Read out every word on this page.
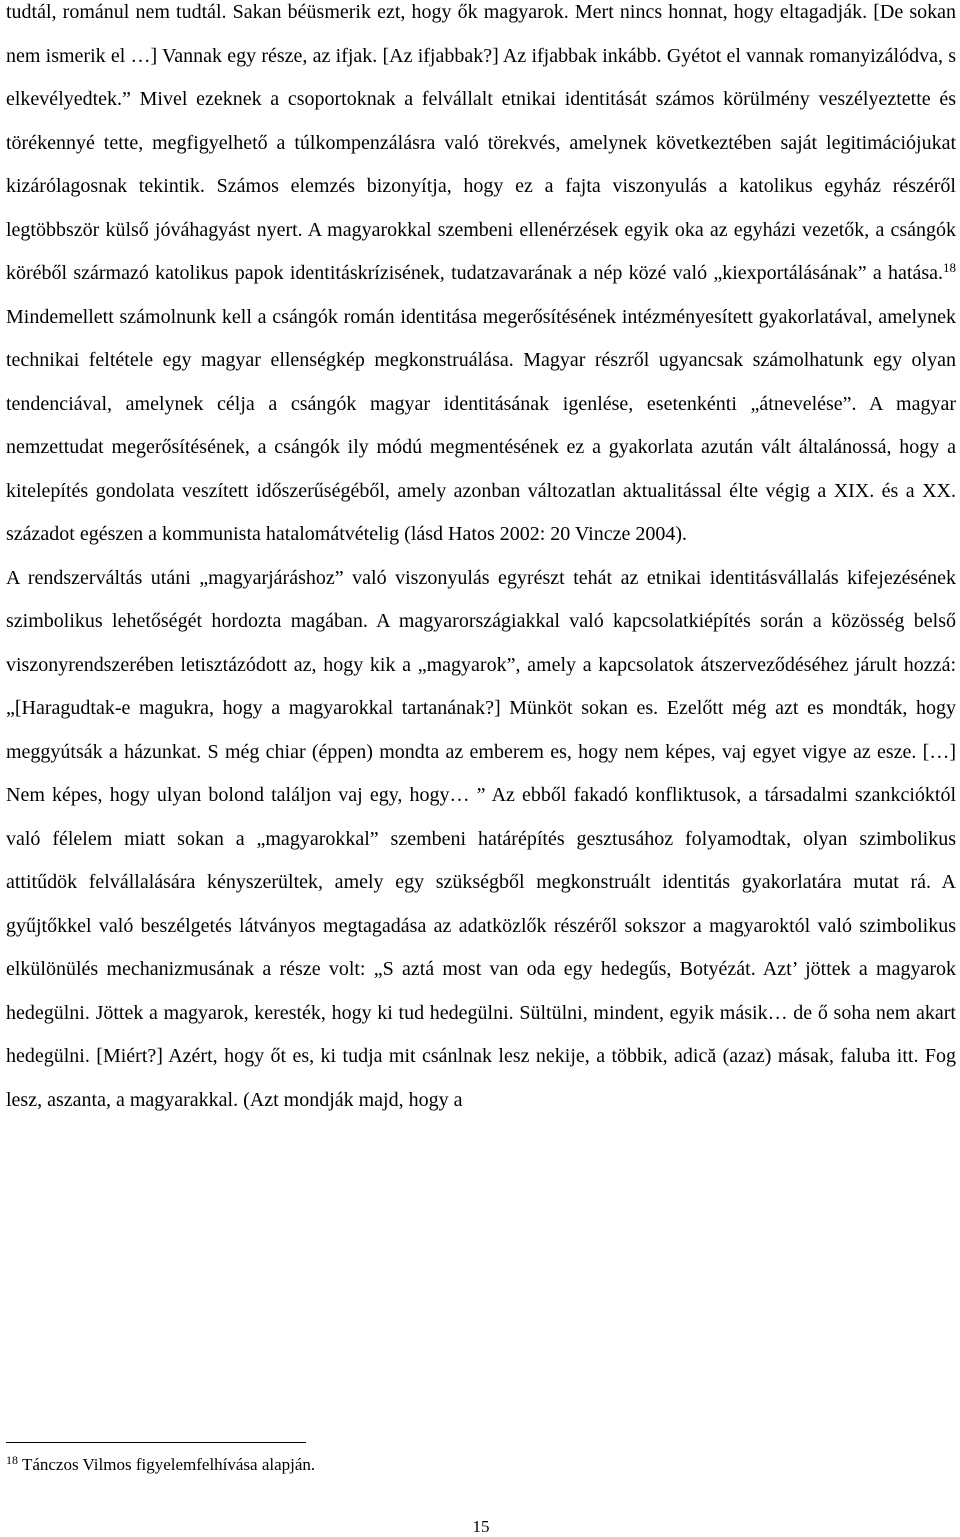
tudtál, románul nem tudtál. Sakan béüsmerik ezt, hogy ők magyarok. Mert nincs honnat, hogy eltagadják. [De sokan nem ismerik el …] Vannak egy része, az ifjak. [Az ifjabbak?] Az ifjabbak inkább. Gyétot el vannak romanyizálódva, s elkevélyedtek.” Mivel ezeknek a csoportoknak a felvállalt etnikai identitását számos körülmény veszélyeztette és törékennyé tette, megfigyelhető a túlkompenzálásra való törekvés, amelynek következtében saját legitimációjukat kizárólagosnak tekintik. Számos elemzés bizonyítja, hogy ez a fajta viszonyulás a katolikus egyház részéről legtöbbször külső jóváhagyást nyert. A magyarokkal szembeni ellenérzések egyik oka az egyházi vezetők, a csángók köréből származó katolikus papok identitáskrízisének, tudatzavarának a nép közé való „kiexportálásának” a hatása.$^{18}$ Mindemellett számolnunk kell a csángók román identitása megerősítésének intézményesített gyakorlatával, amelynek technikai feltétele egy magyar ellenségkép megkonstruálása. Magyar részről ugyancsak számolhatunk egy olyan tendenciával, amelynek célja a csángók magyar identitásának igenlése, esetenkénti „átnevelése”. A magyar nemzettudat megerősítésének, a csángók ily módú megmentésének ez a gyakorlata azután vált általánossá, hogy a kitelepítés gondolata veszített időszerűségéből, amely azonban változatlan aktualitással élte végig a XIX. és a XX. századot egészen a kommunista hatalomátvételig (lásd Hatos 2002: 20 Vincze 2004).

A rendszerváltás utáni „magyarjáráshoz” való viszonyulás egyrészt tehát az etnikai identitásvállalás kifejezésének szimbolikus lehetőségét hordozta magában. A magyarországiakkal való kapcsolatkiépítés során a közösség belső viszonyrendszerében letisztázódott az, hogy kik a „magyarok”, amely a kapcsolatok átszerveződéséhez járult hozzá: „[Haragudtak-e magukra, hogy a magyarokkal tartanának?] Münköt sokan es. Ezelőtt még azt es mondták, hogy meggyútsák a házunkat. S még chiar (éppen) mondta az emberem es, hogy nem képes, vaj egyet vigye az esze. […] Nem képes, hogy ulyan bolond találjon vaj egy, hogy… ” Az ebből fakadó konfliktusok, a társadalmi szankcióktól való félelem miatt sokan a „magyarokkal” szembeni határépítés gesztusához folyamodtak, olyan szimbolikus attitűdök felvállalására kényszerültek, amely egy szükségből megkonstruált identitás gyakorlatára mutat rá. A gyűjtőkkel való beszélgetés látványos megtagadása az adatközlők részéről sokszor a magyaroktól való szimbolikus elkülönülés mechanizmusának a része volt: „S aztá most van oda egy hedegűs, Botyézát. Azt’ jöttek a magyarok hedegülni. Jöttek a magyarok, keresték, hogy ki tud hedegülni. Sültülni, mindent, egyik másik… de ő soha nem akart hedegülni. [Miért?] Azért, hogy őt es, ki tudja mit csánlnak lesz nekije, a többik, adică (azaz) másak, faluba itt. Fog lesz, aszanta, a magyarakkal. (Azt mondják majd, hogy a

$^{18}$ Tánczos Vilmos figyelemfelhívása alapján.
15
